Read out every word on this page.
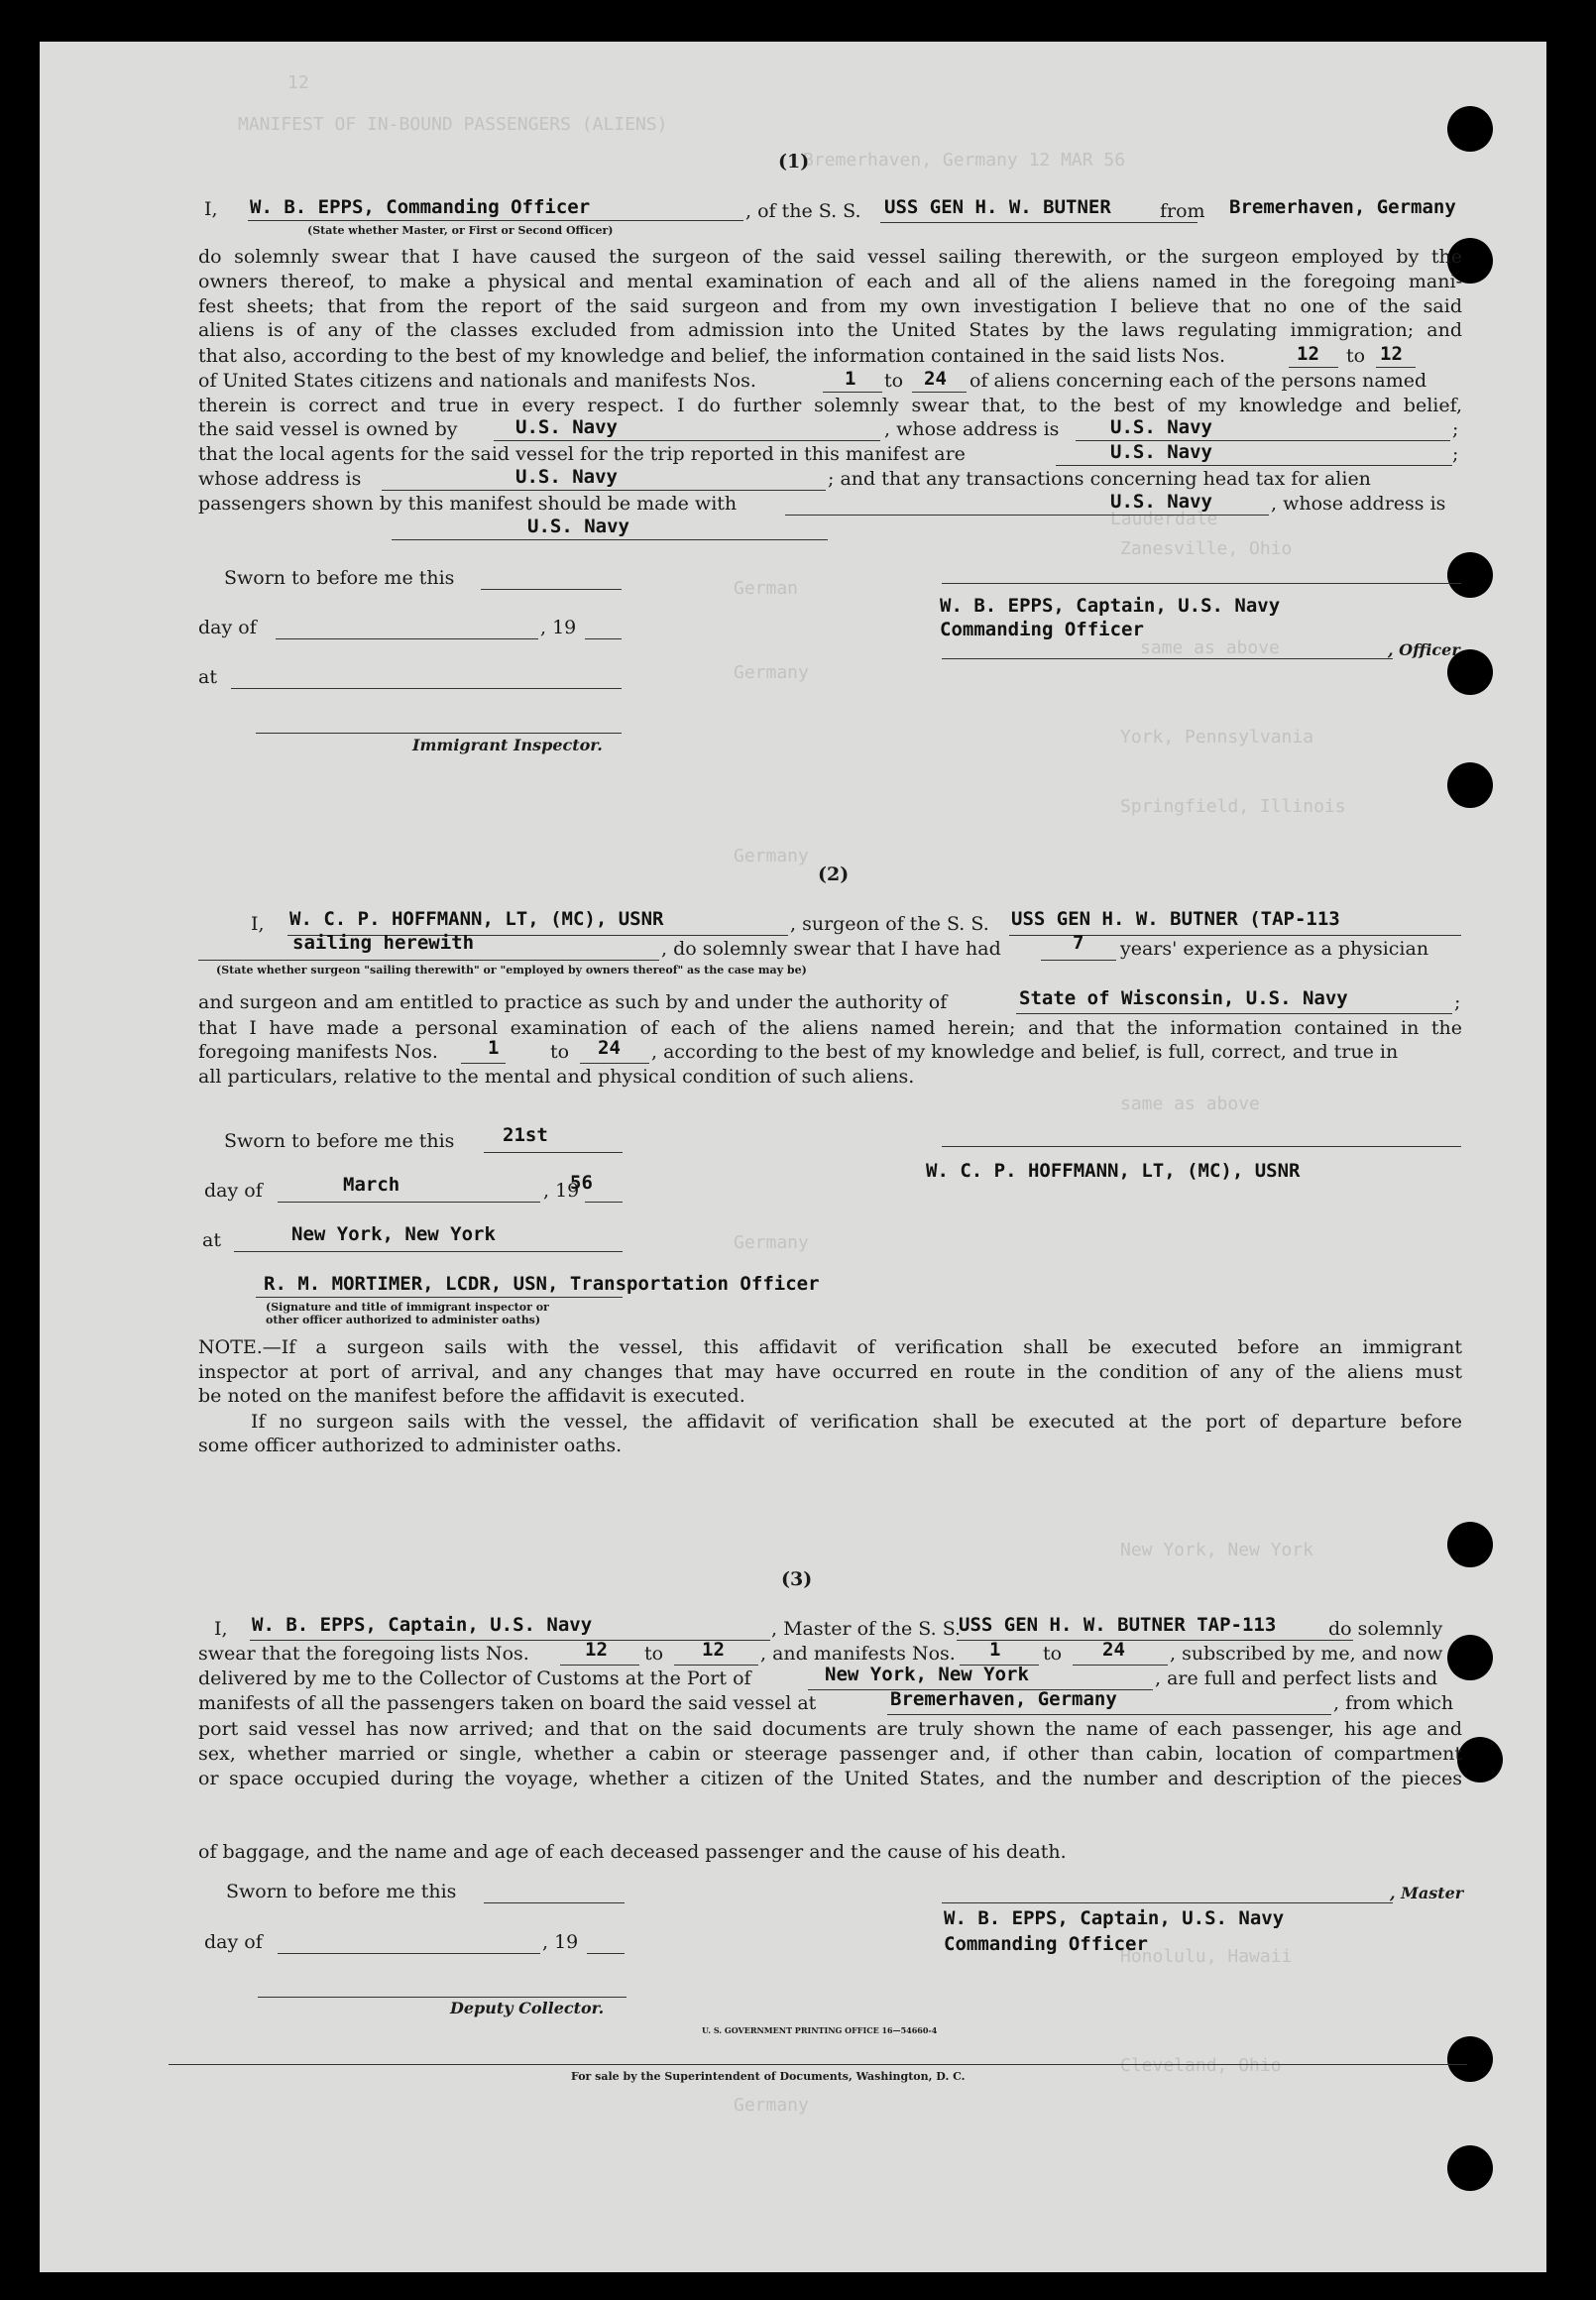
12
MANIFEST OF IN-BOUND PASSENGERS (ALIENS)
Bremerhaven, Germany 12 MAR 56
Lauderdale
Zanesville, Ohio
German
same as above
Germany
York, Pennsylvania
Springfield, Illinois
Germany
same as above
Germany
New York, New York
Honolulu, Hawaii
Cleveland, Ohio
Germany
(1)
I, W. B. EPPS, Commanding Officer
(State whether Master, or First or Second Officer)
, of the S. S. USS GEN H. W. BUTNER	from Bremerhaven, Germany
do solemnly swear that I have caused the surgeon of the said vessel sailing therewith, or the surgeon employed by the
owners thereof, to make a physical and mental examination of each and all of the aliens named in the foregoing mani-
fest sheets; that from the report of the said surgeon and from my own investigation I believe that no one of the said
aliens is of any of the classes excluded from admission into the United States by the laws regulating immigration; and
that also, according to the best of my knowledge and belief, the information contained in the said lists Nos.	12 to 12
of United States citizens and nationals and manifests Nos.	1 to 24 of aliens concerning each of the persons named
therein is correct and true in every respect. I do further solemnly swear that, to the best of my knowledge and belief,
the said vessel is owned by	U.S. Navy	, whose address is	U.S. Navy	;
that the local agents for the said vessel for the trip reported in this manifest are	U.S. Navy	;
whose address is	U.S. Navy	; and that any transactions concerning head tax for alien
passengers shown by this manifest should be made with	U.S. Navy	, whose address is
U.S. Navy
Sworn to before me this
day of	, 19
at
Immigrant Inspector.
W. B. EPPS, Captain, U.S. Navy
Commanding Officer
, Officer
(2)
I, W. C. P. HOFFMANN, LT, (MC), USNR	, surgeon of the S. S. USS GEN H. W. BUTNER (TAP-113
sailing herewith	, do solemnly swear that I have had	7 years' experience as a physician
(State whether surgeon "sailing therewith" or "employed by owners thereof" as the case may be)
and surgeon and am entitled to practice as such by and under the authority of	State of Wisconsin, U.S. Navy	;
that I have made a personal examination of each of the aliens named herein; and that the information contained in the
foregoing manifests Nos.	1	to 24 , according to the best of my knowledge and belief, is full, correct, and true in
all particulars, relative to the mental and physical condition of such aliens.
Sworn to before me this	21st
day of	March	, 19
56
at	New York, New York
R. M. MORTIMER, LCDR, USN, Transportation Officer
(Signature and title of immigrant inspector or
other officer authorized to administer oaths)
W. C. P. HOFFMANN, LT, (MC), USNR
NOTE.—If a surgeon sails with the vessel, this affidavit of verification shall be executed before an immigrant
inspector at port of arrival, and any changes that may have occurred en route in the condition of any of the aliens must
be noted on the manifest before the affidavit is executed.
If no surgeon sails with the vessel, the affidavit of verification shall be executed at the port of departure before
some officer authorized to administer oaths.
(3)
I, W. B. EPPS, Captain, U.S. Navy	, Master of the S. S.
USS GEN H. W. BUTNER TAP-113	do solemnly
swear that the foregoing lists Nos.	12 to 12 , and manifests Nos. 1 to 24 , subscribed by me, and now
delivered by me to the Collector of Customs at the Port of	New York, New York	, are full and perfect lists and
manifests of all the passengers taken on board the said vessel at	Bremerhaven, Germany	, from which
port said vessel has now arrived; and that on the said documents are truly shown the name of each passenger, his age and
sex, whether married or single, whether a cabin or steerage passenger and, if other than cabin, location of compartment
or space occupied during the voyage, whether a citizen of the United States, and the number and description of the pieces
of baggage, and the name and age of each deceased passenger and the cause of his death.
Sworn to before me this
day of	, 19
Deputy Collector.
, Master
W. B. EPPS, Captain, U.S. Navy
Commanding Officer
U. S. GOVERNMENT PRINTING OFFICE 16—54660-4
For sale by the Superintendent of Documents, Washington, D. C.
